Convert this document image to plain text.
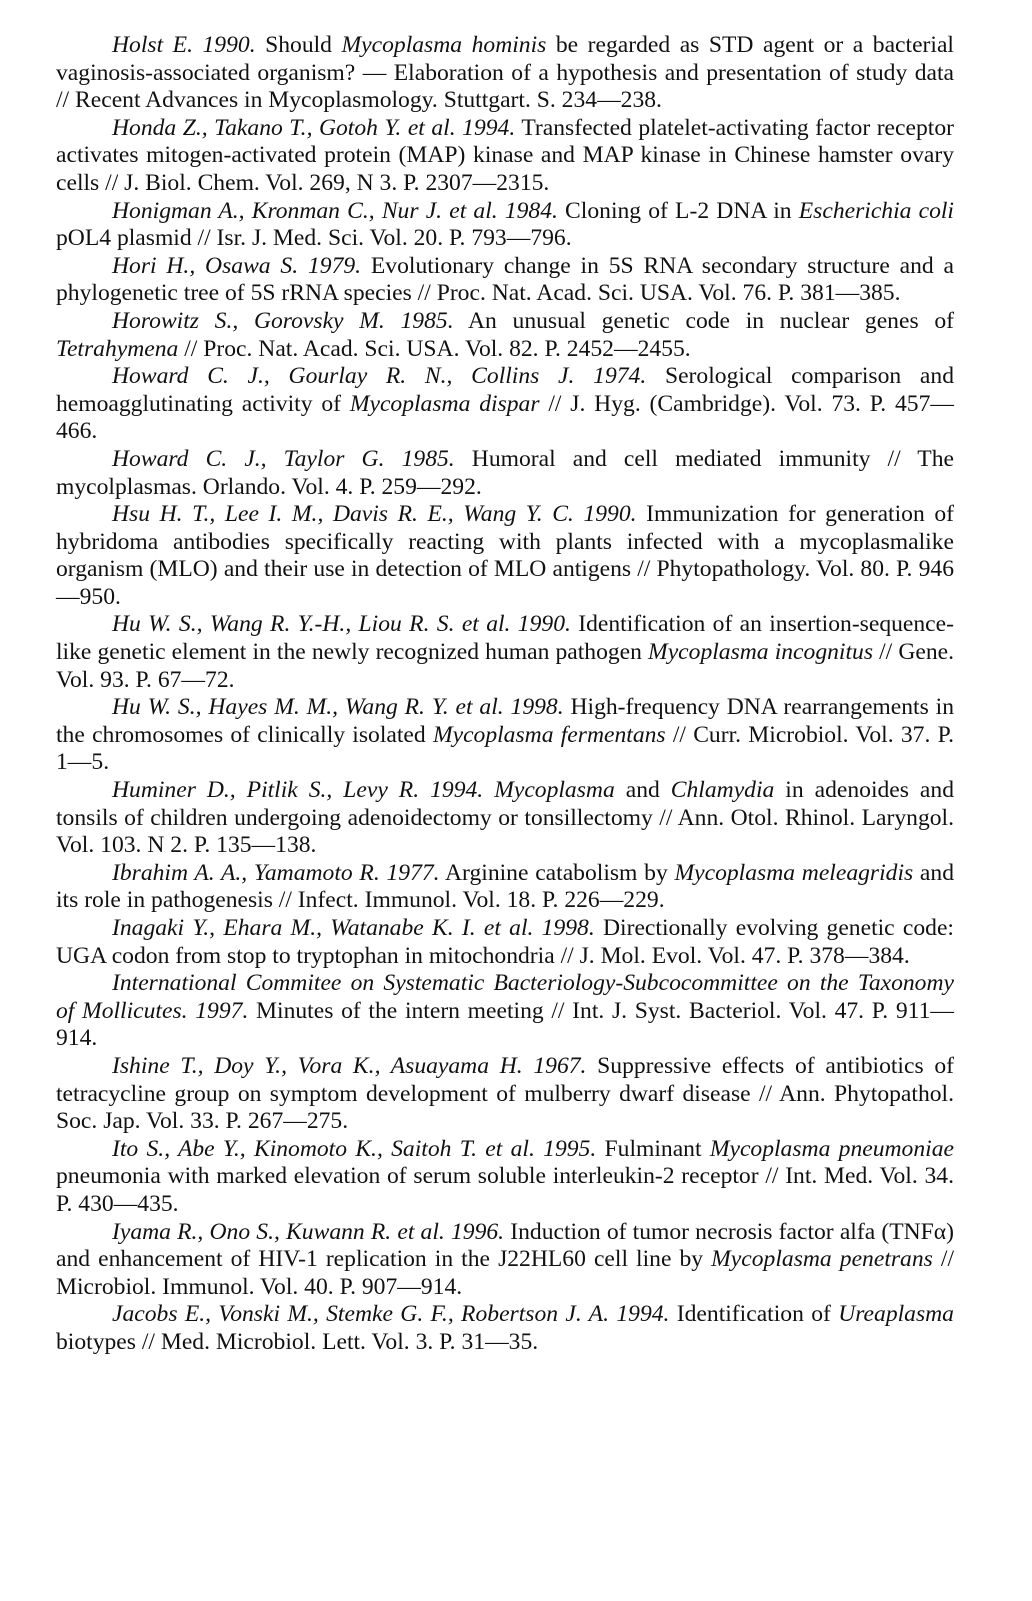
Holst E. 1990. Should Mycoplasma hominis be regarded as STD agent or a bacterial vaginosis-associated organism? — Elaboration of a hypothesis and presentation of study data // Recent Advances in Mycoplasmology. Stuttgart. S. 234—238.

Honda Z., Takano T., Gotoh Y. et al. 1994. Transfected platelet-activating factor receptor activates mitogen-activated protein (MAP) kinase and MAP kinase in Chinese hamster ovary cells // J. Biol. Chem. Vol. 269, N 3. P. 2307—2315.

Honigman A., Kronman C., Nur J. et al. 1984. Cloning of L-2 DNA in Escherichia coli pOL4 plasmid // Isr. J. Med. Sci. Vol. 20. P. 793—796.

Hori H., Osawa S. 1979. Evolutionary change in 5S RNA secondary structure and a phylogenetic tree of 5S rRNA species // Proc. Nat. Acad. Sci. USA. Vol. 76. P. 381—385.

Horowitz S., Gorovsky M. 1985. An unusual genetic code in nuclear genes of Tetrahymena // Proc. Nat. Acad. Sci. USA. Vol. 82. P. 2452—2455.

Howard C. J., Gourlay R. N., Collins J. 1974. Serological comparison and hemoagglutinating activity of Mycoplasma dispar // J. Hyg. (Cambridge). Vol. 73. P. 457—466.

Howard C. J., Taylor G. 1985. Humoral and cell mediated immunity // The mycolplasmas. Orlando. Vol. 4. P. 259—292.

Hsu H. T., Lee I. M., Davis R. E., Wang Y. C. 1990. Immunization for generation of hybridoma antibodies specifically reacting with plants infected with a mycoplasmalike organism (MLO) and their use in detection of MLO antigens // Phytopathology. Vol. 80. P. 946—950.

Hu W. S., Wang R. Y.-H., Liou R. S. et al. 1990. Identification of an insertion-sequence-like genetic element in the newly recognized human pathogen Mycoplasma incognitus // Gene. Vol. 93. P. 67—72.

Hu W. S., Hayes M. M., Wang R. Y. et al. 1998. High-frequency DNA rearrangements in the chromosomes of clinically isolated Mycoplasma fermentans // Curr. Microbiol. Vol. 37. P. 1—5.

Huminer D., Pitlik S., Levy R. 1994. Mycoplasma and Chlamydia in adenoides and tonsils of children undergoing adenoidectomy or tonsillectomy // Ann. Otol. Rhinol. Laryngol. Vol. 103. N 2. P. 135—138.

Ibrahim A. A., Yamamoto R. 1977. Arginine catabolism by Mycoplasma meleagridis and its role in pathogenesis // Infect. Immunol. Vol. 18. P. 226—229.

Inagaki Y., Ehara M., Watanabe K. I. et al. 1998. Directionally evolving genetic code: UGA codon from stop to tryptophan in mitochondria // J. Mol. Evol. Vol. 47. P. 378—384.

International Commitee on Systematic Bacteriology-Subcocommittee on the Taxonomy of Mollicutes. 1997. Minutes of the intern meeting // Int. J. Syst. Bacteriol. Vol. 47. P. 911—914.

Ishine T., Doy Y., Vora K., Asuayama H. 1967. Suppressive effects of antibiotics of tetracycline group on symptom development of mulberry dwarf disease // Ann. Phytopathol. Soc. Jap. Vol. 33. P. 267—275.

Ito S., Abe Y., Kinomoto K., Saitoh T. et al. 1995. Fulminant Mycoplasma pneumoniae pneumonia with marked elevation of serum soluble interleukin-2 receptor // Int. Med. Vol. 34. P. 430—435.

Iyama R., Ono S., Kuwann R. et al. 1996. Induction of tumor necrosis factor alfa (TNFα) and enhancement of HIV-1 replication in the J22HL60 cell line by Mycoplasma penetrans // Microbiol. Immunol. Vol. 40. P. 907—914.

Jacobs E., Vonski M., Stemke G. F., Robertson J. A. 1994. Identification of Ureaplasma biotypes // Med. Microbiol. Lett. Vol. 3. P. 31—35.
